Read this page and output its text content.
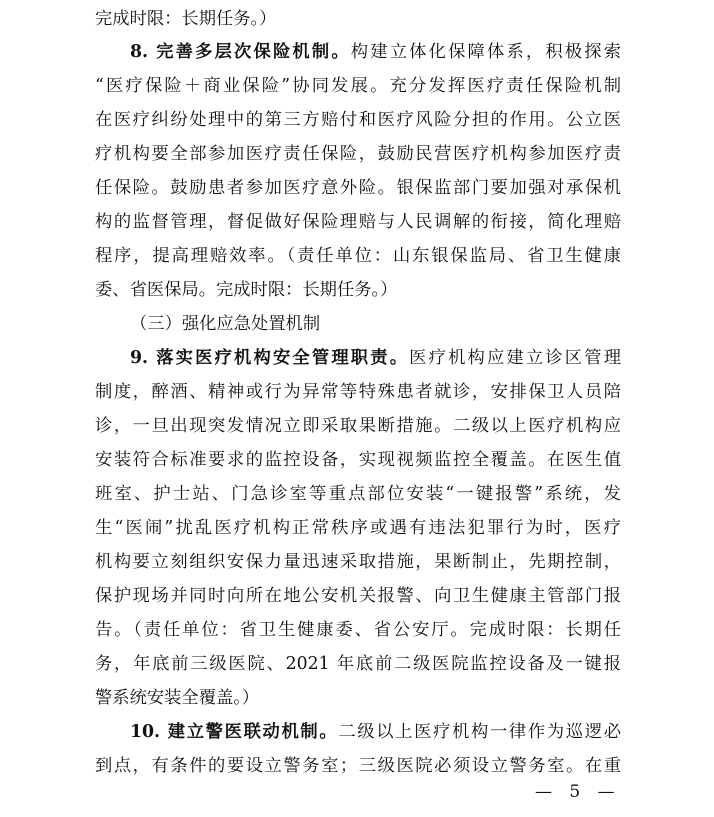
完成时限：长期任务。）
8. 完善多层次保险机制。构建立体化保障体系，积极探索
“医疗保险＋商业保险”协同发展。充分发挥医疗责任保险机制
在医疗纠纷处理中的第三方赔付和医疗风险分担的作用。公立医
疗机构要全部参加医疗责任保险，鼓励民营医疗机构参加医疗责
任保险。鼓励患者参加医疗意外险。银保监部门要加强对承保机
构的监督管理，督促做好保险理赔与人民调解的衔接，简化理赔
程序，提高理赔效率。（责任单位：山东银保监局、省卫生健康
委、省医保局。完成时限：长期任务。）
（三）强化应急处置机制
9. 落实医疗机构安全管理职责。医疗机构应建立诊区管理
制度，醉酒、精神或行为异常等特殊患者就诊，安排保卫人员陪
诊，一旦出现突发情况立即采取果断措施。二级以上医疗机构应
安装符合标准要求的监控设备，实现视频监控全覆盖。在医生值
班室、护士站、门急诊室等重点部位安装“一键报警”系统，发
生“医闹”扰乱医疗机构正常秩序或遇有违法犯罪行为时，医疗
机构要立刻组织安保力量迅速采取措施，果断制止，先期控制，
保护现场并同时向所在地公安机关报警、向卫生健康主管部门报
告。（责任单位：省卫生健康委、省公安厅。完成时限：长期任
务，年底前三级医院、2021 年底前二级医院监控设备及一键报
警系统安装全覆盖。）
10. 建立警医联动机制。二级以上医疗机构一律作为巡逻必
到点，有条件的要设立警务室；三级医院必须设立警务室。在重
— 5 —
